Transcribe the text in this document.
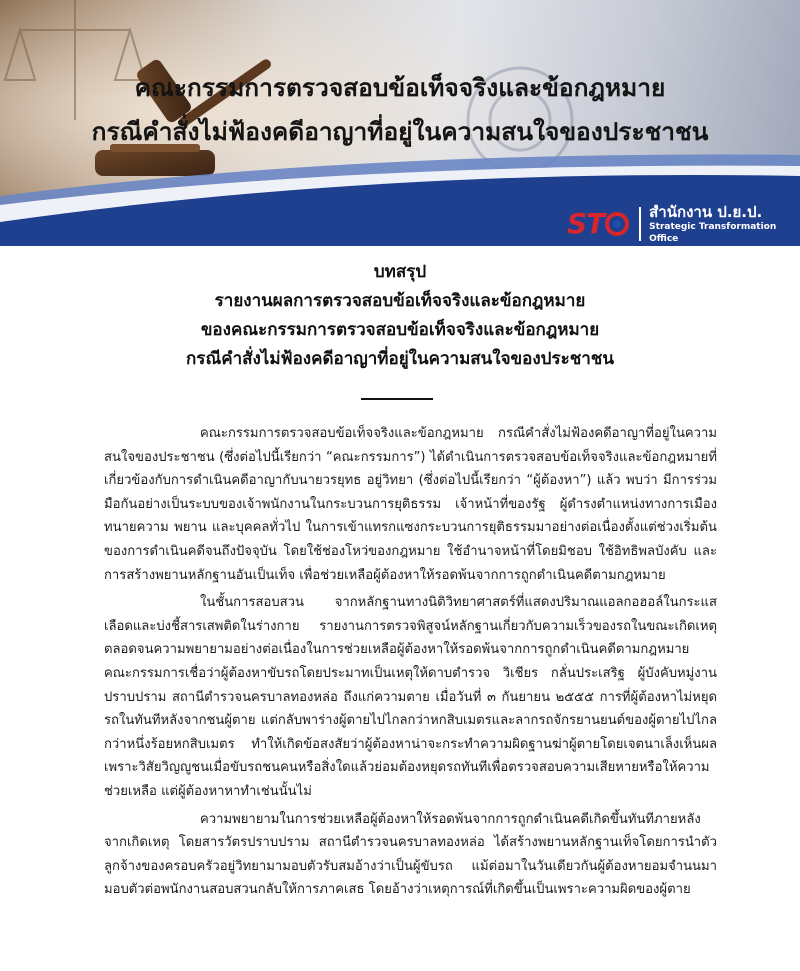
คณะกรรมการตรวจสอบข้อเท็จจริงและข้อกฎหมาย
กรณีคำสั่งไม่ฟ้องคดีอาญาที่อยู่ในความสนใจของประชาชน
ST	สำนักงาน ป.ย.ป.
Strategic Transformation Office
บทสรุป
รายงานผลการตรวจสอบข้อเท็จจริงและข้อกฎหมาย
ของคณะกรรมการตรวจสอบข้อเท็จจริงและข้อกฎหมาย
กรณีคำสั่งไม่ฟ้องคดีอาญาที่อยู่ในความสนใจของประชาชน

คณะกรรมการตรวจสอบข้อเท็จจริงและข้อกฎหมาย กรณีคำสั่งไม่ฟ้องคดีอาญาที่อยู่ในความสนใจของประชาชน (ซึ่งต่อไปนี้เรียกว่า “คณะกรรมการ”) ได้ดำเนินการตรวจสอบข้อเท็จจริงและข้อกฎหมายที่เกี่ยวข้องกับการดำเนินคดีอาญากับนายวรยุทธ อยู่วิทยา (ซึ่งต่อไปนี้เรียกว่า “ผู้ต้องหา”) แล้ว พบว่า มีการร่วมมือกันอย่างเป็นระบบของเจ้าพนักงานในกระบวนการยุติธรรม เจ้าหน้าที่ของรัฐ ผู้ดำรงตำแหน่งทางการเมือง ทนายความ พยาน และบุคคลทั่วไป ในการเข้าแทรกแซงกระบวนการยุติธรรมมาอย่างต่อเนื่องตั้งแต่ช่วงเริ่มต้นของการดำเนินคดีจนถึงปัจจุบัน โดยใช้ช่องโหว่ของกฎหมาย ใช้อำนาจหน้าที่โดยมิชอบ ใช้อิทธิพลบังคับ และการสร้างพยานหลักฐานอันเป็นเท็จ เพื่อช่วยเหลือผู้ต้องหาให้รอดพ้นจากการถูกดำเนินคดีตามกฎหมาย

ในชั้นการสอบสวน จากหลักฐานทางนิติวิทยาศาสตร์ที่แสดงปริมาณแอลกอฮอล์ในกระแสเลือดและบ่งชี้สารเสพติดในร่างกาย รายงานการตรวจพิสูจน์หลักฐานเกี่ยวกับความเร็วของรถในขณะเกิดเหตุ ตลอดจนความพยายามอย่างต่อเนื่องในการช่วยเหลือผู้ต้องหาให้รอดพ้นจากการถูกดำเนินคดีตามกฎหมาย คณะกรรมการเชื่อว่าผู้ต้องหาขับรถโดยประมาทเป็นเหตุให้ดาบตำรวจ วิเชียร กลั่นประเสริฐ ผู้บังคับหมู่งานปราบปราม สถานีตำรวจนครบาลทองหล่อ ถึงแก่ความตาย เมื่อวันที่ ๓ กันยายน ๒๕๕๕ การที่ผู้ต้องหาไม่หยุดรถในทันทีหลังจากชนผู้ตาย แต่กลับพาร่างผู้ตายไปไกลกว่าหกสิบเมตรและลากรถจักรยานยนต์ของผู้ตายไปไกลกว่าหนึ่งร้อยหกสิบเมตร ทำให้เกิดข้อสงสัยว่าผู้ต้องหาน่าจะกระทำความผิดฐานฆ่าผู้ตายโดยเจตนาเล็งเห็นผล เพราะวิสัยวิญญูชนเมื่อขับรถชนคนหรือสิ่งใดแล้วย่อมต้องหยุดรถทันทีเพื่อตรวจสอบความเสียหายหรือให้ความช่วยเหลือ แต่ผู้ต้องหาหาทำเช่นนั้นไม่

ความพยายามในการช่วยเหลือผู้ต้องหาให้รอดพ้นจากการถูกดำเนินคดีเกิดขึ้นทันทีภายหลังจากเกิดเหตุ โดยสารวัตรปราบปราม สถานีตำรวจนครบาลทองหล่อ ได้สร้างพยานหลักฐานเท็จโดยการนำตัวลูกจ้างของครอบครัวอยู่วิทยามามอบตัวรับสมอ้างว่าเป็นผู้ขับรถ แม้ต่อมาในวันเดียวกันผู้ต้องหายอมจำนนมามอบตัวต่อพนักงานสอบสวนกลับให้การภาคเสธ โดยอ้างว่าเหตุการณ์ที่เกิดขึ้นเป็นเพราะความผิดของผู้ตาย
